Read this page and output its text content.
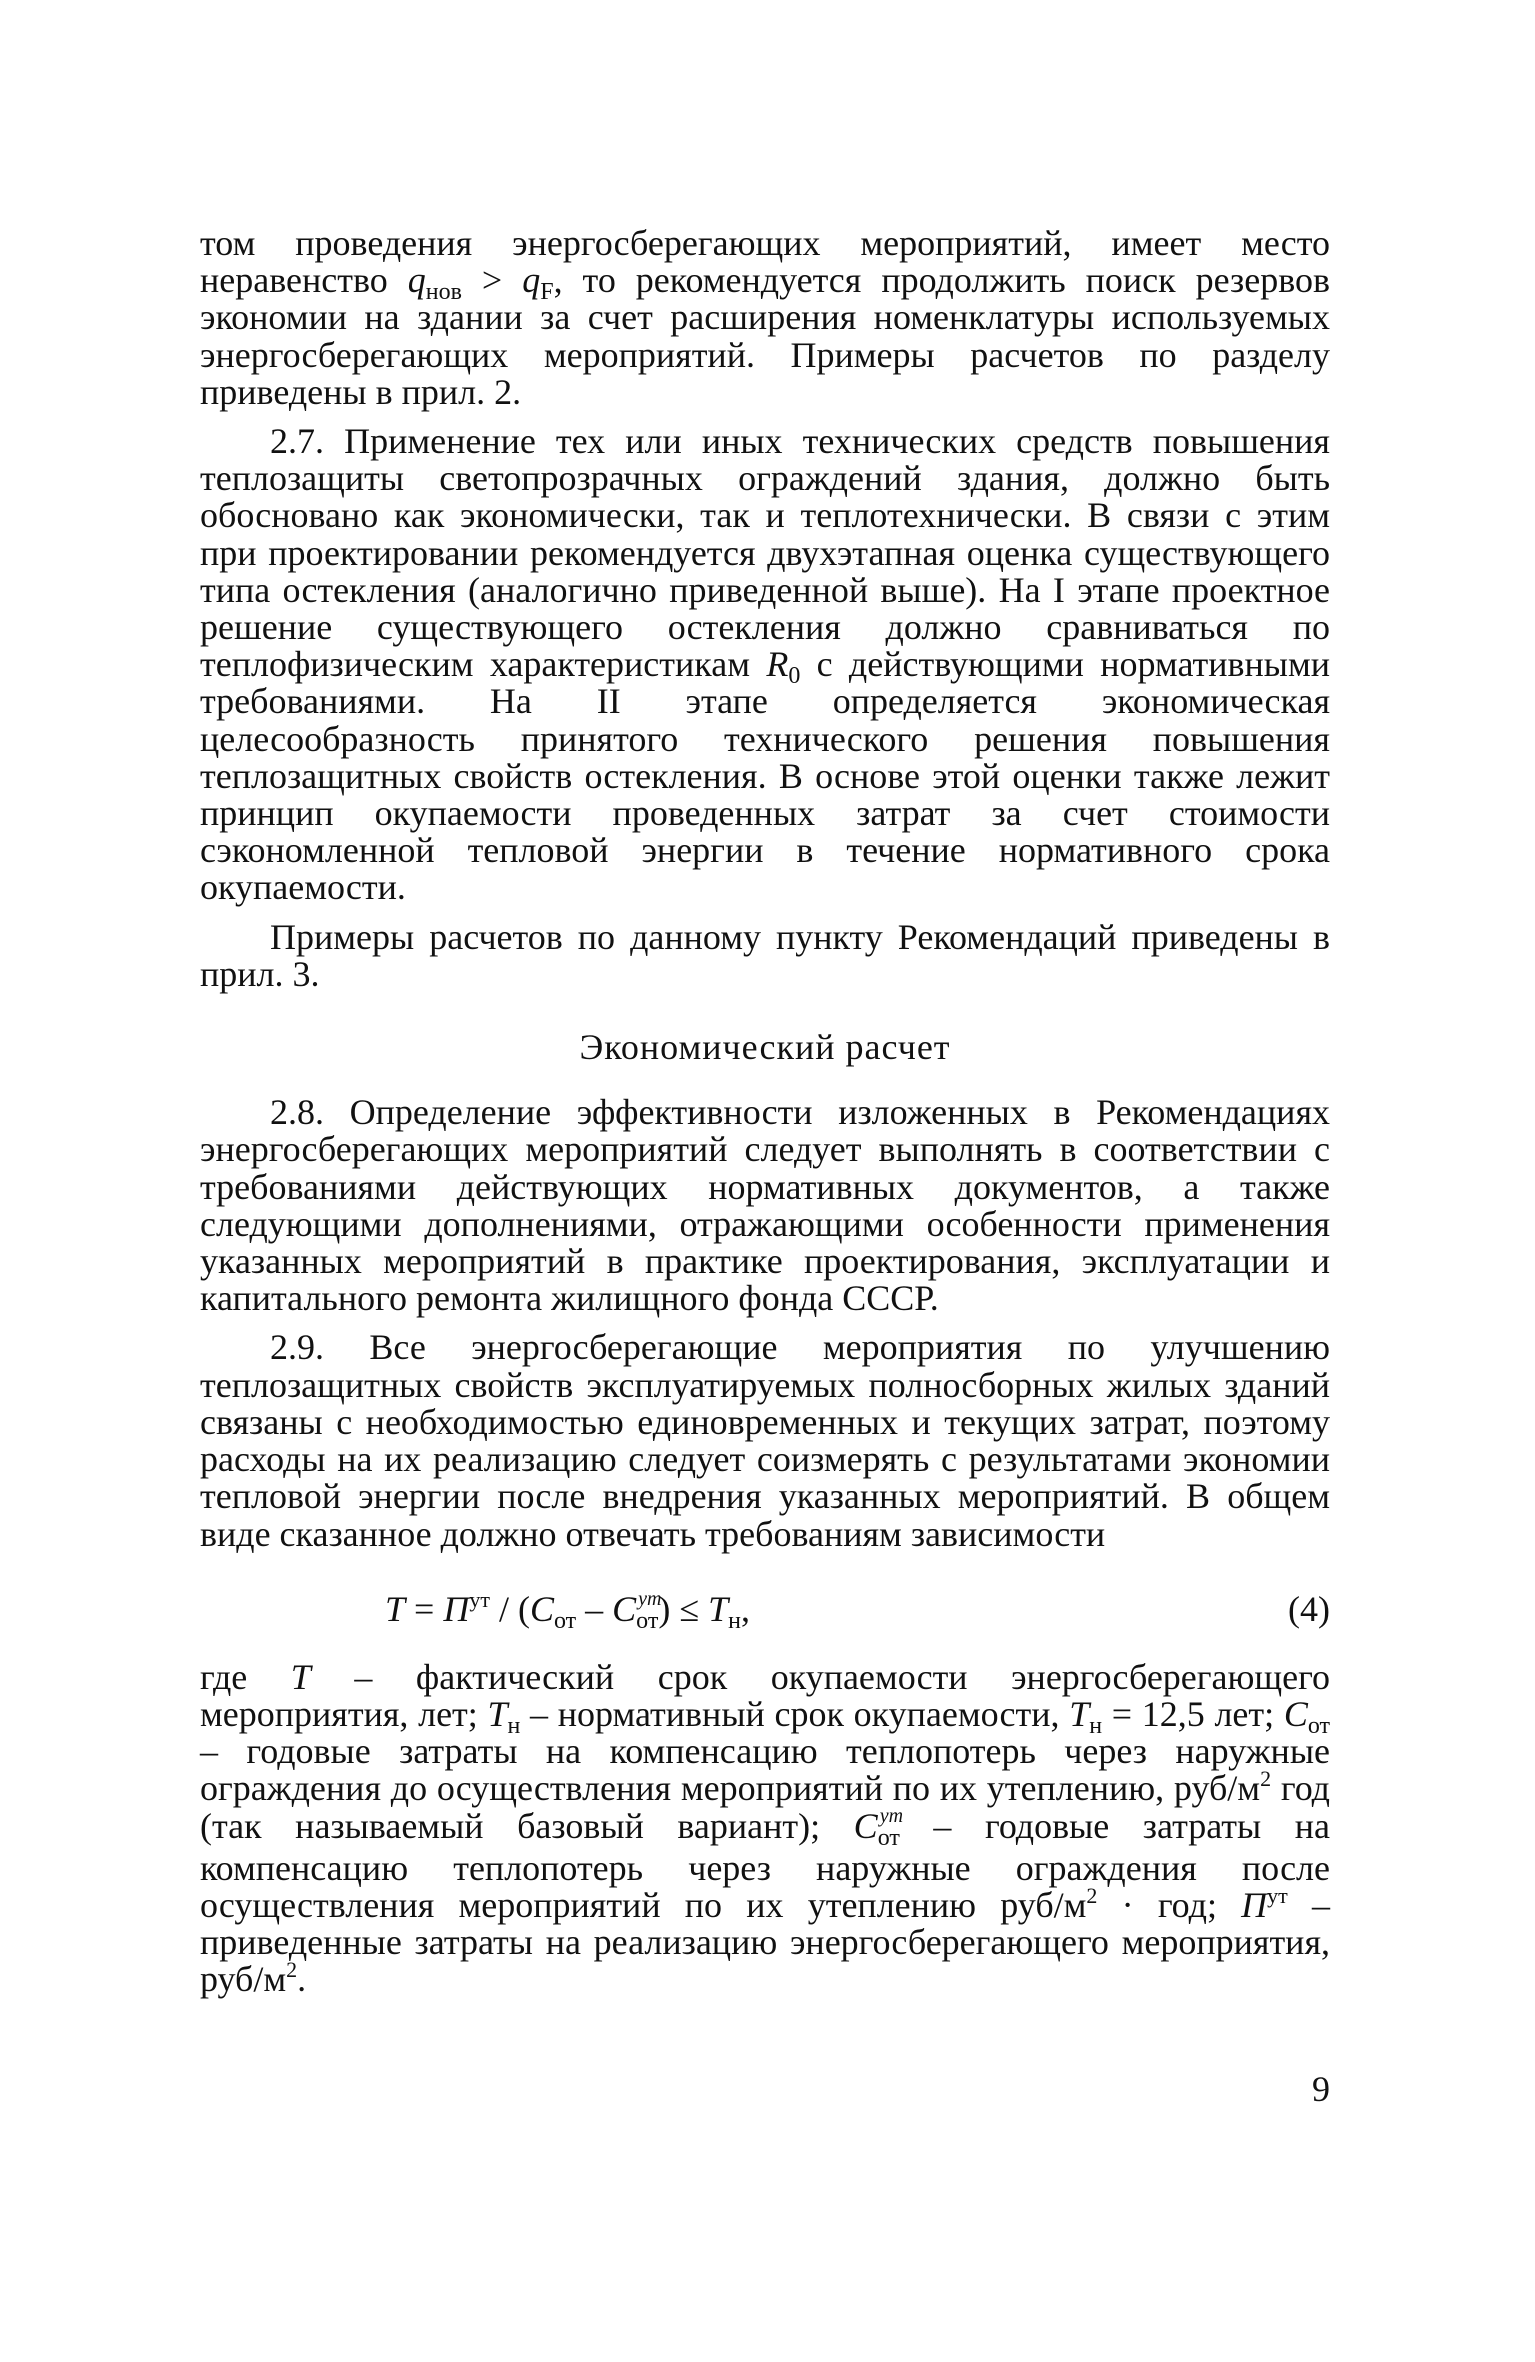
том проведения энергосберегающих мероприятий, имеет место неравенство $q_{нов} > q_F$, то рекомендуется продолжить поиск резервов экономии на здании за счет расширения номенклатуры используемых энергосберегающих мероприятий. Примеры расчетов по разделу приведены в прил. 2.

2.7. Применение тех или иных технических средств повышения теплозащиты светопрозрачных ограждений здания, должно быть обосновано как экономически, так и теплотехнически. В связи с этим при проектировании рекомендуется двухэтапная оценка существующего типа остекления (аналогично приведенной выше). На I этапе проектное решение существующего остекления должно сравниваться по теплофизическим характеристикам $R_0$ с действующими нормативными требованиями. На II этапе определяется экономическая целесообразность принятого технического решения повышения теплозащитных свойств остекления. В основе этой оценки также лежит принцип окупаемости проведенных затрат за счет стоимости сэкономленной тепловой энергии в течение нормативного срока окупаемости.

Примеры расчетов по данному пункту Рекомендаций приведены в прил. 3.

Экономический расчет

2.8. Определение эффективности изложенных в Рекомендациях энергосберегающих мероприятий следует выполнять в соответствии с требованиями действующих нормативных документов, а также следующими дополнениями, отражающими особенности применения указанных мероприятий в практике проектирования, эксплуатации и капитального ремонта жилищного фонда СССР.

2.9. Все энергосберегающие мероприятия по улучшению теплозащитных свойств эксплуатируемых полносборных жилых зданий связаны с необходимостью единовременных и текущих затрат, поэтому расходы на их реализацию следует соизмерять с результатами экономии тепловой энергии после внедрения указанных мероприятий. В общем виде сказанное должно отвечать требованиям зависимости

$T = П^{ут} / (C_{от} - C$ ут
$от) \le T_н$,	(4)

где T – фактический срок окупаемости энергосберегающего мероприятия, лет; $T_н$ – нормативный срок окупаемости, $T_н = 12,5$ лет; $C_{от}$ – годовые затраты на компенсацию теплопотерь через наружные ограждения до осуществления мероприятий по их утеплению, руб/$м^2$ год (так называемый базовый вариант); C ут
от – годовые затраты на компенсацию теплопотерь через наружные ограждения после осуществления мероприятий по их утеплению руб/$м^2$ · год; $П^{ут}$ – приведенные затраты на реализацию энергосберегающего мероприятия, руб/$м^2$.

9
